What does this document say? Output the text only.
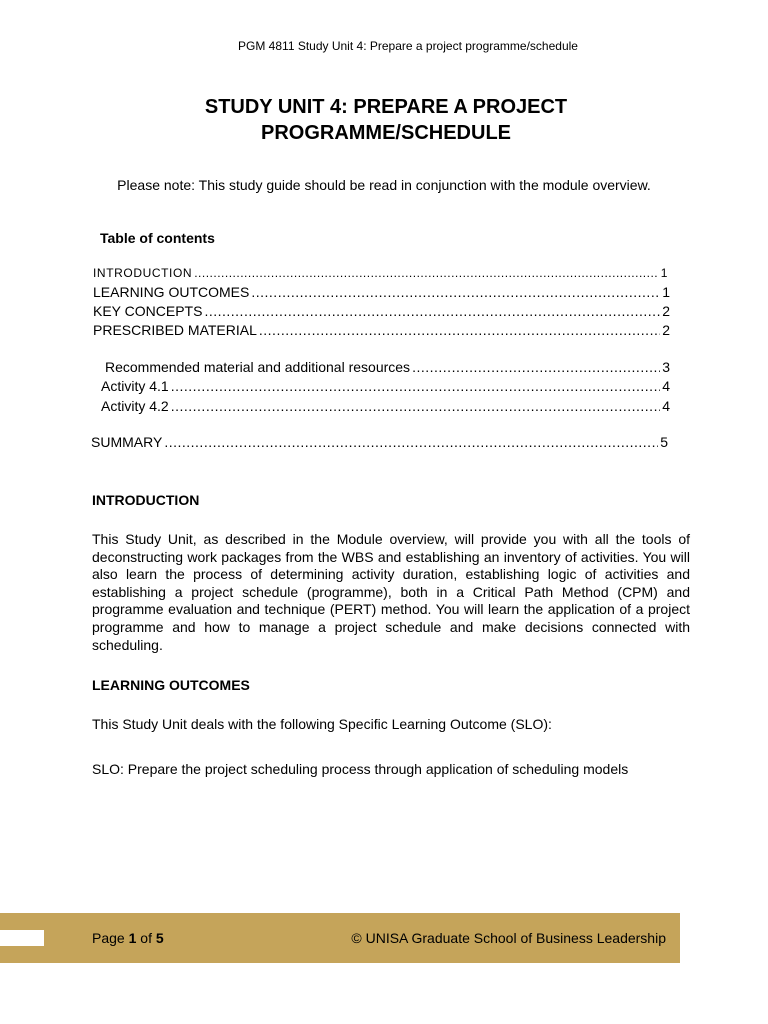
PGM 4811 Study Unit 4: Prepare a project programme/schedule
STUDY UNIT 4: PREPARE A PROJECT
PROGRAMME/SCHEDULE
Please note: This study guide should be read in conjunction with the module overview.
Table of contents
INTRODUCTION .....	1
LEARNING OUTCOMES .....	1
KEY CONCEPTS .....	2
PRESCRIBED MATERIAL .....	2
Recommended material and additional resources .....	3
Activity 4.1 .....	4
Activity 4.2 .....	4
SUMMARY .....	5
INTRODUCTION
This Study Unit, as described in the Module overview, will provide you with all the tools of deconstructing work packages from the WBS and establishing an inventory of activities. You will also learn the process of determining activity duration, establishing logic of activities and establishing a project schedule (programme), both in a Critical Path Method (CPM) and programme evaluation and technique (PERT) method. You will learn the application of a project programme and how to manage a project schedule and make decisions connected with scheduling.
LEARNING OUTCOMES
This Study Unit deals with the following Specific Learning Outcome (SLO):
SLO: Prepare the project scheduling process through application of scheduling models
Page 1 of 5	© UNISA Graduate School of Business Leadership
